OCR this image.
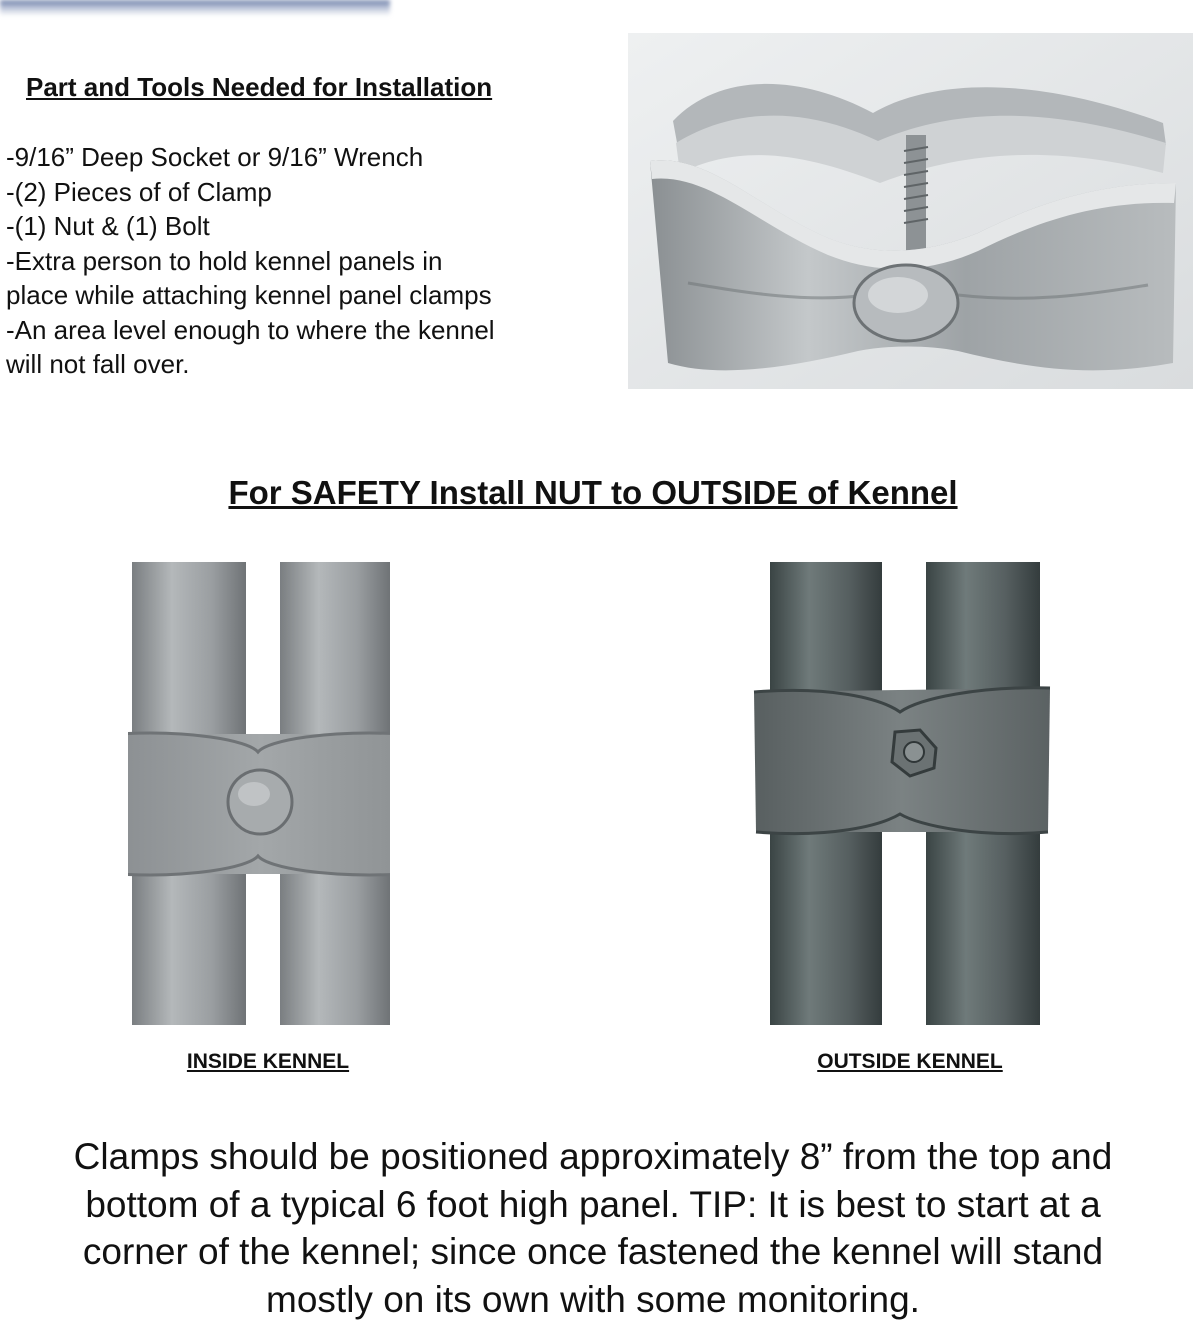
Part and Tools Needed for Installation
-9/16” Deep Socket or 9/16” Wrench
-(2) Pieces of of Clamp
-(1) Nut & (1) Bolt
-Extra person to hold kennel panels in
place while attaching kennel panel clamps
-An area level enough to where the kennel
will not fall over.
For SAFETY Install NUT to OUTSIDE of Kennel
INSIDE KENNEL	OUTSIDE KENNEL

Clamps should be positioned approximately 8” from the top and bottom of a typical 6 foot high panel. TIP: It is best to start at a corner of the kennel; since once fastened the kennel will stand mostly on its own with some monitoring.
